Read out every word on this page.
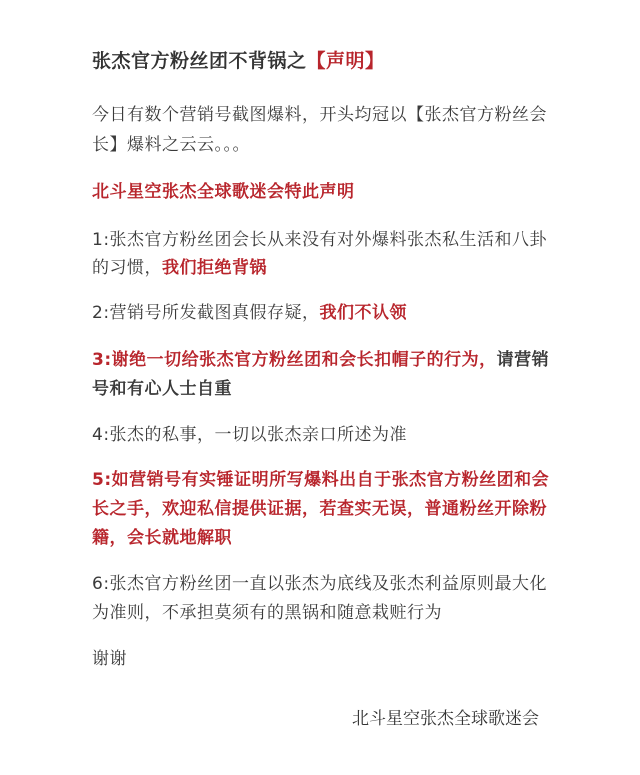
张杰官方粉丝团不背锅之【声明】
今日有数个营销号截图爆料，开头均冠以【张杰官方粉丝会
长】爆料之云云。。。
北斗星空张杰全球歌迷会特此声明
1:张杰官方粉丝团会长从来没有对外爆料张杰私生活和八卦
的习惯，我们拒绝背锅
2:营销号所发截图真假存疑，我们不认领
3:谢绝一切给张杰官方粉丝团和会长扣帽子的行为，请营销
号和有心人士自重
4:张杰的私事，一切以张杰亲口所述为准
5:如营销号有实锤证明所写爆料出自于张杰官方粉丝团和会
长之手，欢迎私信提供证据，若查实无误，普通粉丝开除粉
籍，会长就地解职
6:张杰官方粉丝团一直以张杰为底线及张杰利益原则最大化
为准则，不承担莫须有的黑锅和随意栽赃行为
谢谢
北斗星空张杰全球歌迷会
